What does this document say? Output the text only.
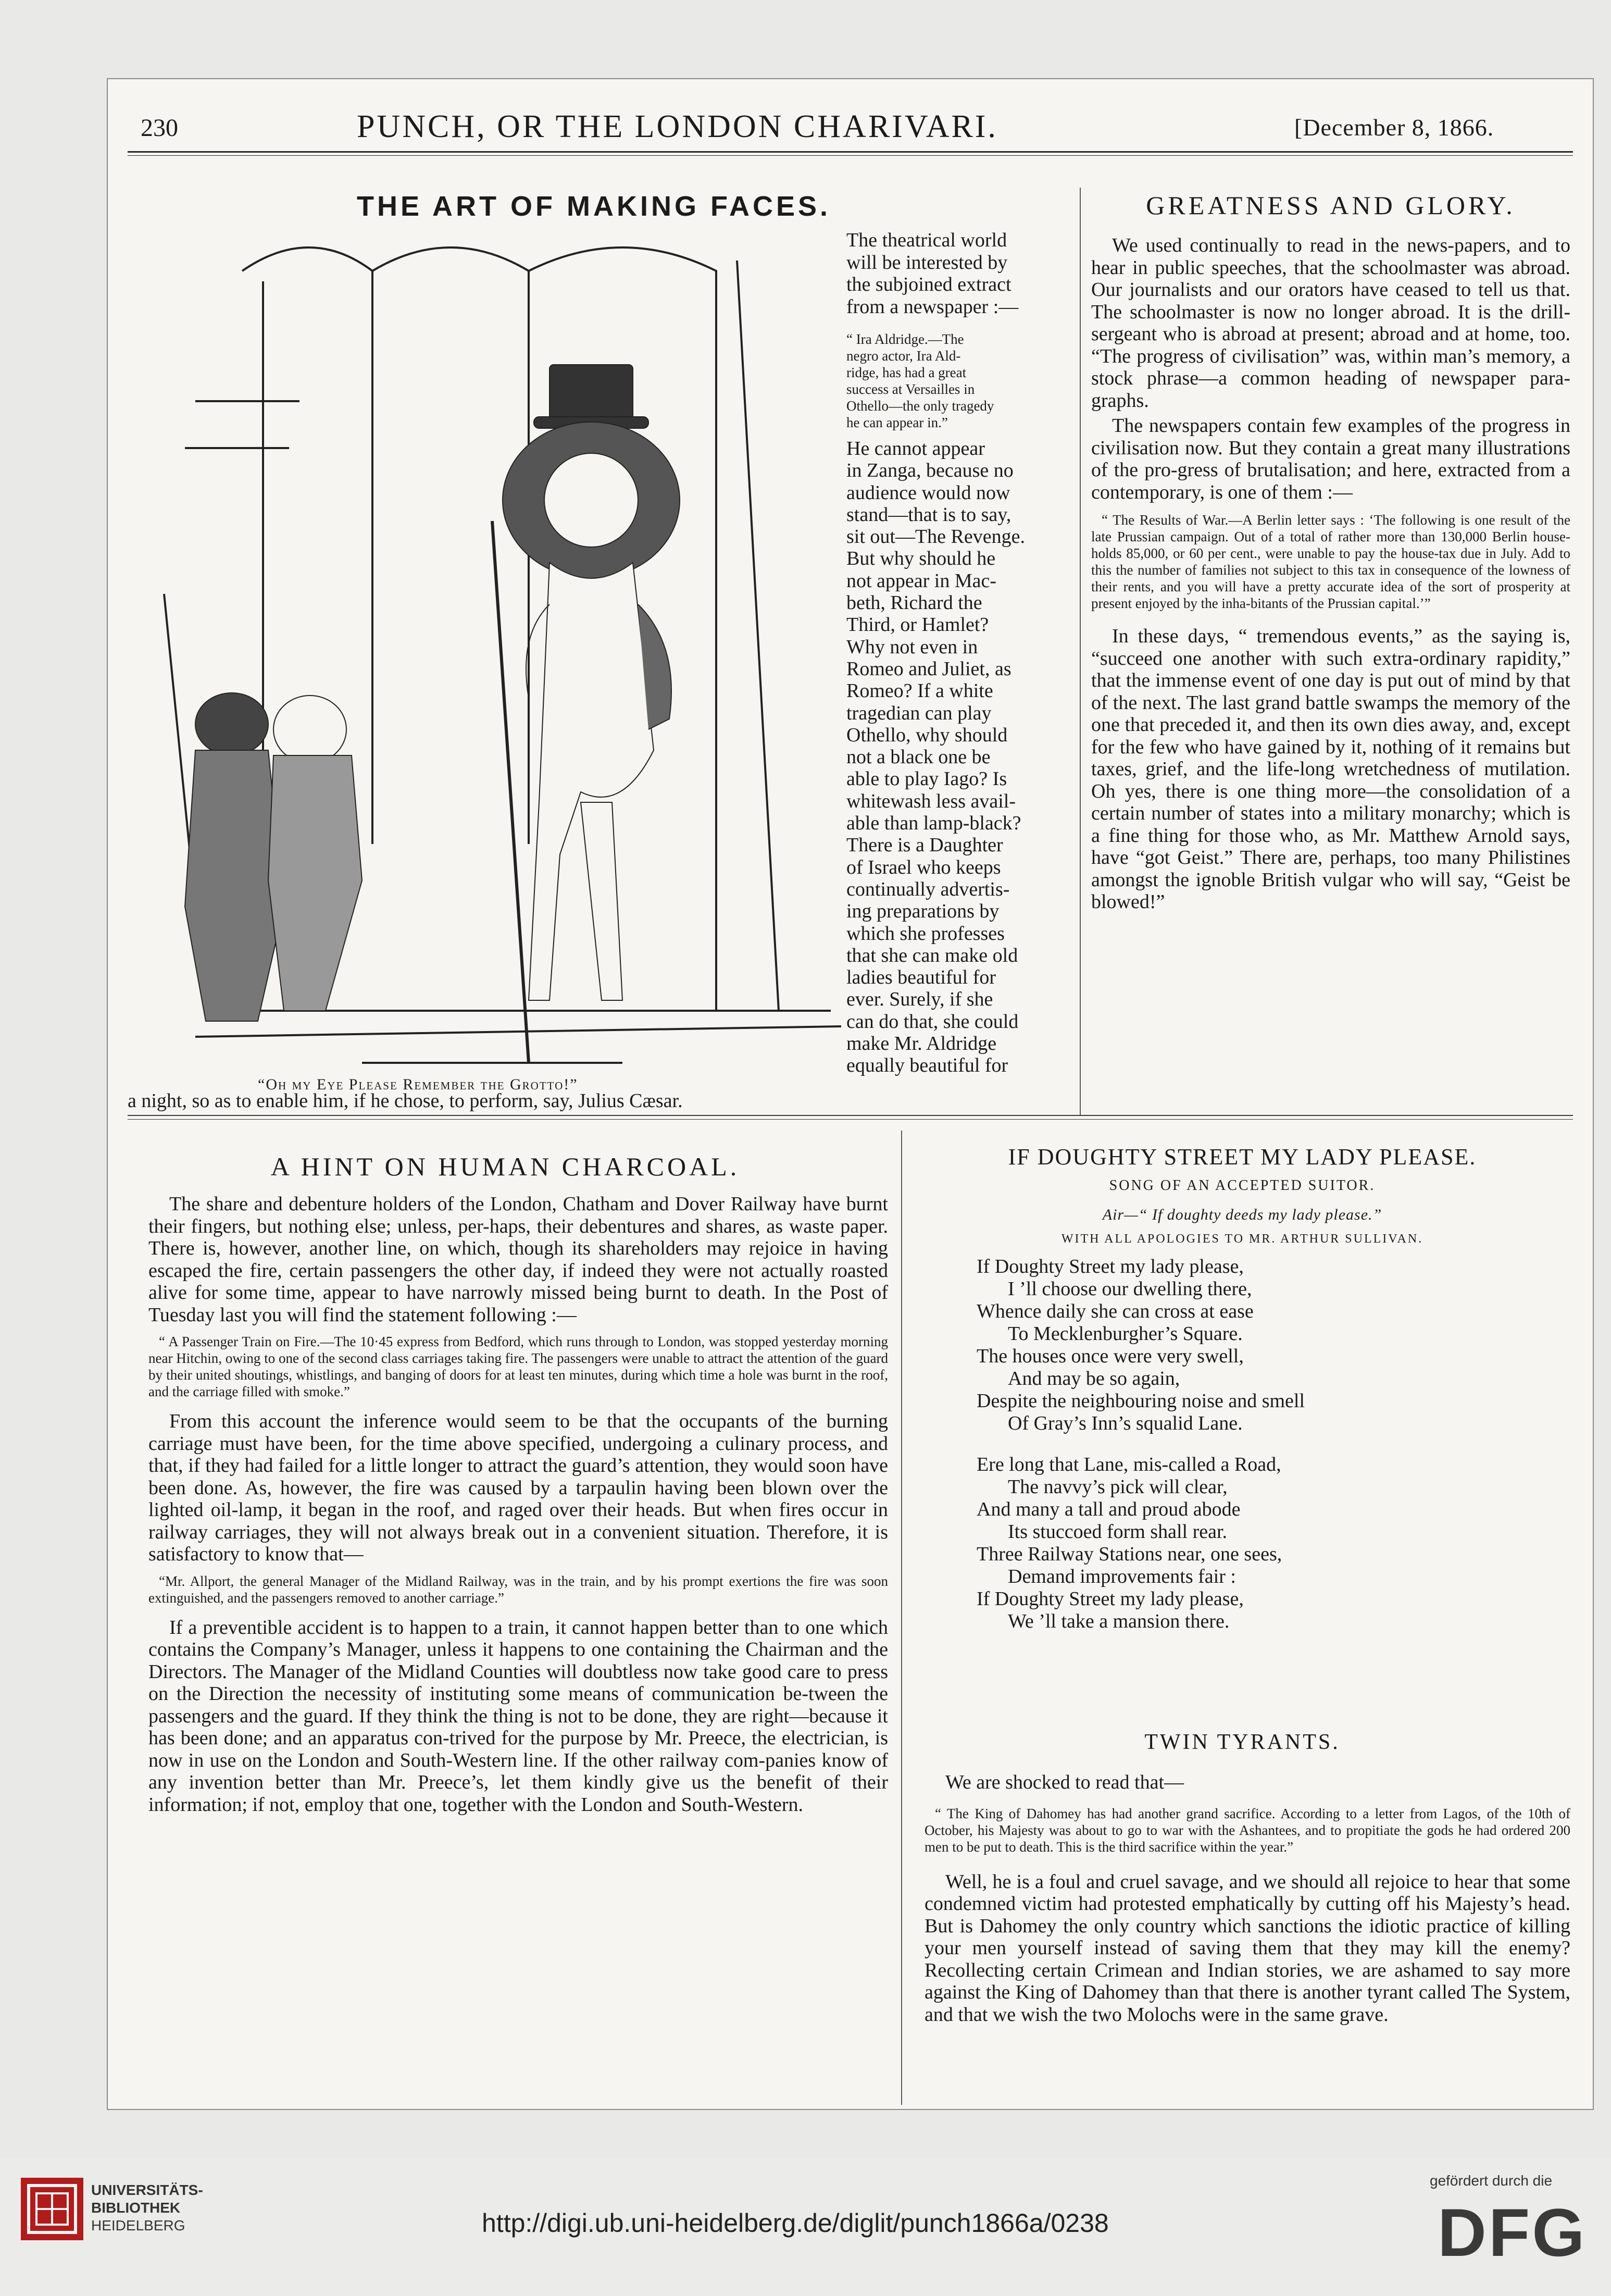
230	PUNCH, OR THE LONDON CHARIVARI.	[December 8, 1866.
THE ART OF MAKING FACES.
“Oh my Eye Please Remember the Grotto!”
The theatrical world
will be interested by
the subjoined extract
from a newspaper :—
“ Ira Aldridge.—The
negro actor, Ira Ald-
ridge, has had a great
success at Versailles in
Othello—the only tragedy
he can appear in.”
He cannot appear
in Zanga, because no
audience would now
stand—that is to say,
sit out—The Revenge.
But why should he
not appear in Mac-
beth, Richard the
Third, or Hamlet?
Why not even in
Romeo and Juliet, as
Romeo? If a white
tragedian can play
Othello, why should
not a black one be
able to play Iago? Is
whitewash less avail-
able than lamp-black?
There is a Daughter
of Israel who keeps
continually advertis-
ing preparations by
which she professes
that she can make old
ladies beautiful for
ever. Surely, if she
can do that, she could
make Mr. Aldridge
equally beautiful for
a night, so as to enable him, if he chose, to perform, say, Julius Cæsar.
GREATNESS AND GLORY.

We used continually to read in the news-papers, and to hear in public speeches, that the schoolmaster was abroad. Our journalists and our orators have ceased to tell us that. The schoolmaster is now no longer abroad. It is the drill-sergeant who is abroad at present; abroad and at home, too. “The progress of civilisation” was, within man’s memory, a stock phrase—a common heading of newspaper para-graphs.

The newspapers contain few examples of the progress in civilisation now. But they contain a great many illustrations of the pro-gress of brutalisation; and here, extracted from a contemporary, is one of them :—

“ The Results of War.—A Berlin letter says : ‘The following is one result of the late Prussian campaign. Out of a total of rather more than 130,000 Berlin house-holds 85,000, or 60 per cent., were unable to pay the house-tax due in July. Add to this the number of families not subject to this tax in consequence of the lowness of their rents, and you will have a pretty accurate idea of the sort of prosperity at present enjoyed by the inha-bitants of the Prussian capital.’”

In these days, “ tremendous events,” as the saying is, “succeed one another with such extra-ordinary rapidity,” that the immense event of one day is put out of mind by that of the next. The last grand battle swamps the memory of the one that preceded it, and then its own dies away, and, except for the few who have gained by it, nothing of it remains but taxes, grief, and the life-long wretchedness of mutilation. Oh yes, there is one thing more—the consolidation of a certain number of states into a military monarchy; which is a fine thing for those who, as Mr. Matthew Arnold says, have “got Geist.” There are, perhaps, too many Philistines amongst the ignoble British vulgar who will say, “Geist be blowed!”

A HINT ON HUMAN CHARCOAL.

The share and debenture holders of the London, Chatham and Dover Railway have burnt their fingers, but nothing else; unless, per-haps, their debentures and shares, as waste paper. There is, however, another line, on which, though its shareholders may rejoice in having escaped the fire, certain passengers the other day, if indeed they were not actually roasted alive for some time, appear to have narrowly missed being burnt to death. In the Post of Tuesday last you will find the statement following :—

“ A Passenger Train on Fire.—The 10·45 express from Bedford, which runs through to London, was stopped yesterday morning near Hitchin, owing to one of the second class carriages taking fire. The passengers were unable to attract the attention of the guard by their united shoutings, whistlings, and banging of doors for at least ten minutes, during which time a hole was burnt in the roof, and the carriage filled with smoke.”

From this account the inference would seem to be that the occupants of the burning carriage must have been, for the time above specified, undergoing a culinary process, and that, if they had failed for a little longer to attract the guard’s attention, they would soon have been done. As, however, the fire was caused by a tarpaulin having been blown over the lighted oil-lamp, it began in the roof, and raged over their heads. But when fires occur in railway carriages, they will not always break out in a convenient situation. Therefore, it is satisfactory to know that—

“Mr. Allport, the general Manager of the Midland Railway, was in the train, and by his prompt exertions the fire was soon extinguished, and the passengers removed to another carriage.”

If a preventible accident is to happen to a train, it cannot happen better than to one which contains the Company’s Manager, unless it happens to one containing the Chairman and the Directors. The Manager of the Midland Counties will doubtless now take good care to press on the Direction the necessity of instituting some means of communication be-tween the passengers and the guard. If they think the thing is not to be done, they are right—because it has been done; and an apparatus con-trived for the purpose by Mr. Preece, the electrician, is now in use on the London and South-Western line. If the other railway com-panies know of any invention better than Mr. Preece’s, let them kindly give us the benefit of their information; if not, employ that one, together with the London and South-Western.

IF DOUGHTY STREET MY LADY PLEASE.
SONG OF AN ACCEPTED SUITOR.
Air—“ If doughty deeds my lady please.”
WITH ALL APOLOGIES TO MR. ARTHUR SULLIVAN.
If Doughty Street my lady please,
I ’ll choose our dwelling there,
Whence daily she can cross at ease
To Mecklenburgher’s Square.
The houses once were very swell,
And may be so again,
Despite the neighbouring noise and smell
Of Gray’s Inn’s squalid Lane.
Ere long that Lane, mis-called a Road,
The navvy’s pick will clear,
And many a tall and proud abode
Its stuccoed form shall rear.
Three Railway Stations near, one sees,
Demand improvements fair :
If Doughty Street my lady please,
We ’ll take a mansion there.
TWIN TYRANTS.

We are shocked to read that—

“ The King of Dahomey has had another grand sacrifice. According to a letter from Lagos, of the 10th of October, his Majesty was about to go to war with the Ashantees, and to propitiate the gods he had ordered 200 men to be put to death. This is the third sacrifice within the year.”

Well, he is a foul and cruel savage, and we should all rejoice to hear that some condemned victim had protested emphatically by cutting off his Majesty’s head. But is Dahomey the only country which sanctions the idiotic practice of killing your men yourself instead of saving them that they may kill the enemy? Recollecting certain Crimean and Indian stories, we are ashamed to say more against the King of Dahomey than that there is another tyrant called The System, and that we wish the two Molochs were in the same grave.

UNIVERSITÄTS-
BIBLIOTHEK
HEIDELBERG	http://digi.ub.uni-heidelberg.de/diglit/punch1866a/0238
gefördert durch die
DFG
